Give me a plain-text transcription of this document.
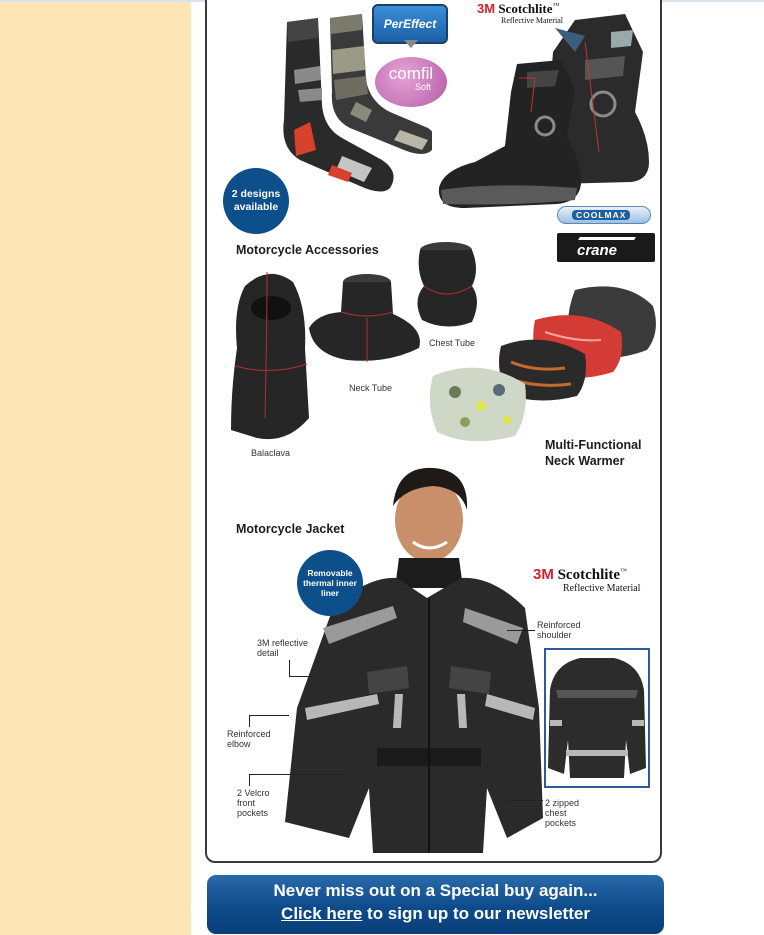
PerEffect
comfil
Soft
3M Scotchlite™
Reflective Material
2 designs available
COOLMAX
crane
Motorcycle Accessories
Balaclava
Neck Tube
Chest Tube
Multi-Functional Neck Warmer
Motorcycle Jacket
Removable thermal inner liner
3M Scotchlite™
Reflective Material
3M reflective detail
Reinforced elbow
2 Velcro front pockets
Reinforced shoulder
2 zipped chest pockets
Never miss out on a Special buy again...
Click here to sign up to our newsletter
